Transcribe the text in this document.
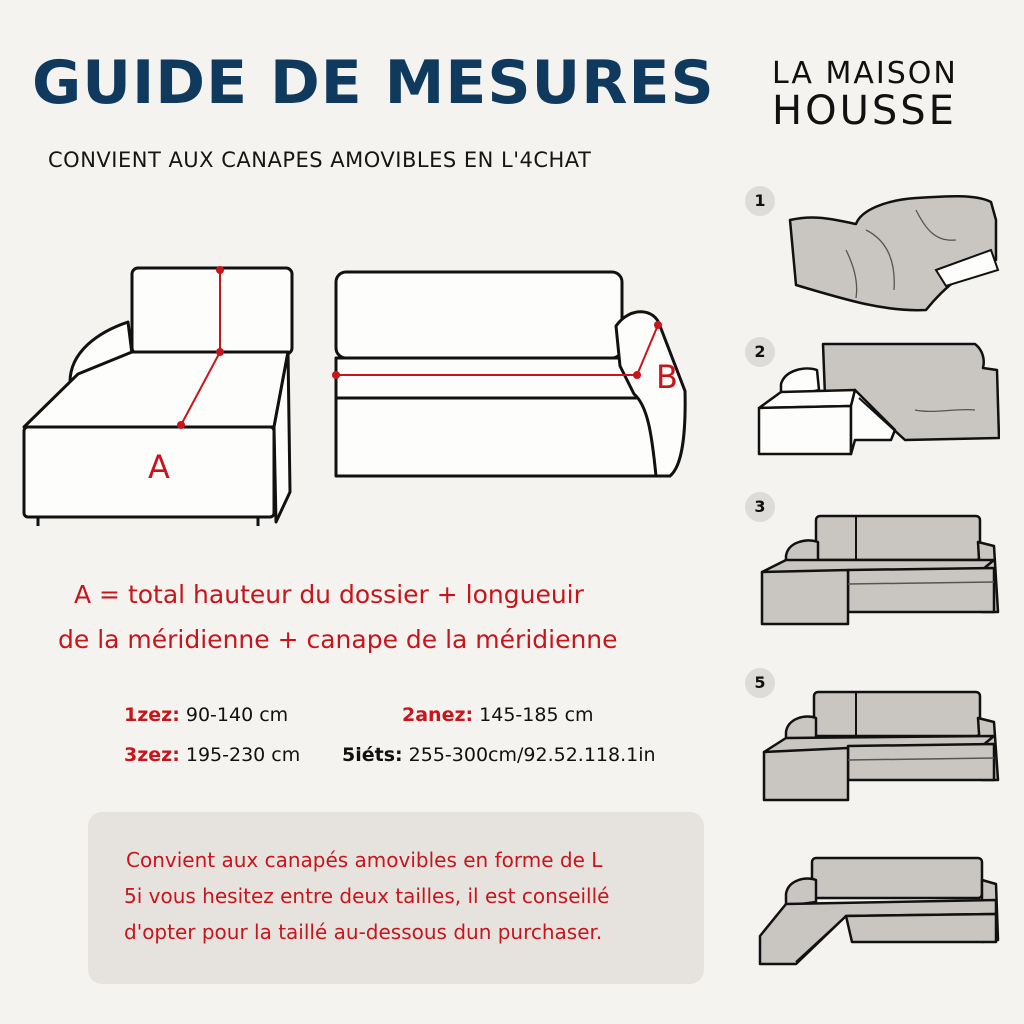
GUIDE DE MESURES LA MAISON
HOUSSE
CONVIENT AUX CANAPES AMOVIBLES EN L'4CHAT
A
B
A = total hauteur du dossier + longueuir
de la méridienne + canape de la méridienne
1zez: 90-140 cm	2anez: 145-185 cm
3zez: 195-230 cm 5iéts: 255-300cm/92.52.118.1in
Convient aux canapés amovibles en forme de L
5i vous hesitez entre deux tailles, il est conseillé
d'opter pour la taillé au-dessous dun purchaser.
1
2
3
5
